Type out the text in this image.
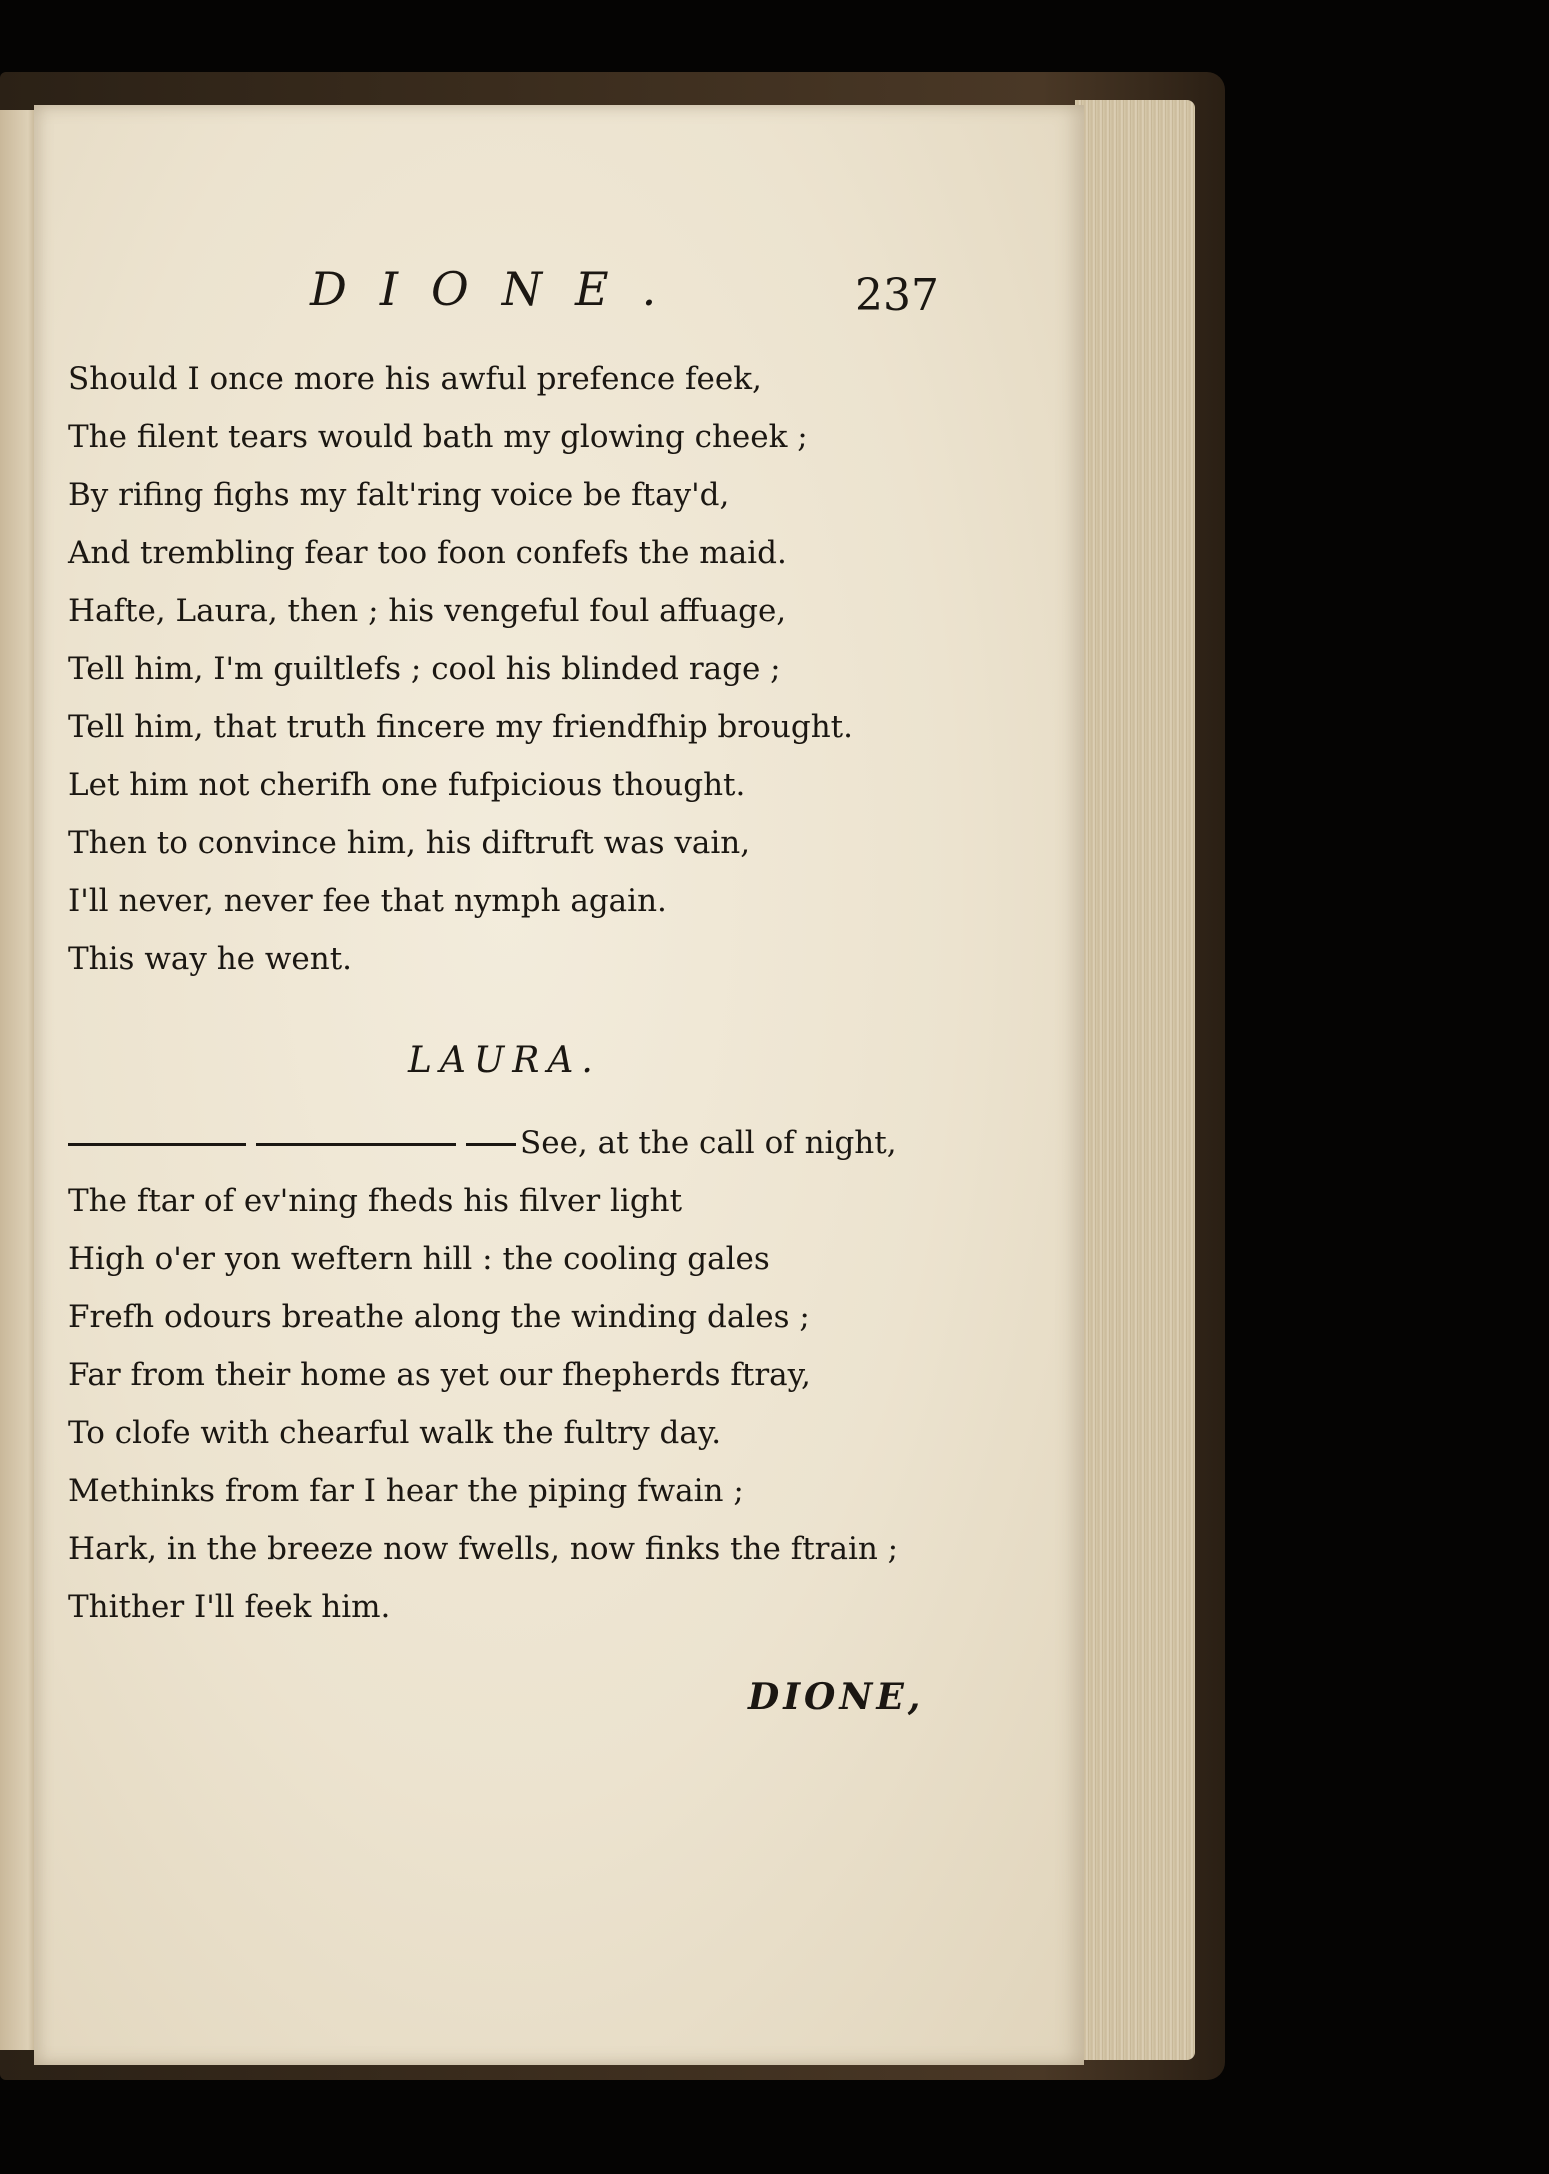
DIONE.	237
Should I once more his awful prefence feek,
The filent tears would bath my glowing cheek ;
By rifing fighs my falt'ring voice be ftay'd,
And trembling fear too foon confefs the maid.
Hafte, Laura, then ; his vengeful foul affuage,
Tell him, I'm guiltlefs ; cool his blinded rage ;
Tell him, that truth fincere my friendfhip brought.
Let him not cherifh one fufpicious thought.
Then to convince him, his diftruft was vain,
I'll never, never fee that nymph again.
This way he went.
LAURA.
See, at the call of night,
The ftar of ev'ning fheds his filver light
High o'er yon weftern hill : the cooling gales
Frefh odours breathe along the winding dales ;
Far from their home as yet our fhepherds ftray,
To clofe with chearful walk the fultry day.
Methinks from far I hear the piping fwain ;
Hark, in the breeze now fwells, now finks the ftrain ;
Thither I'll feek him.
DIONE,
